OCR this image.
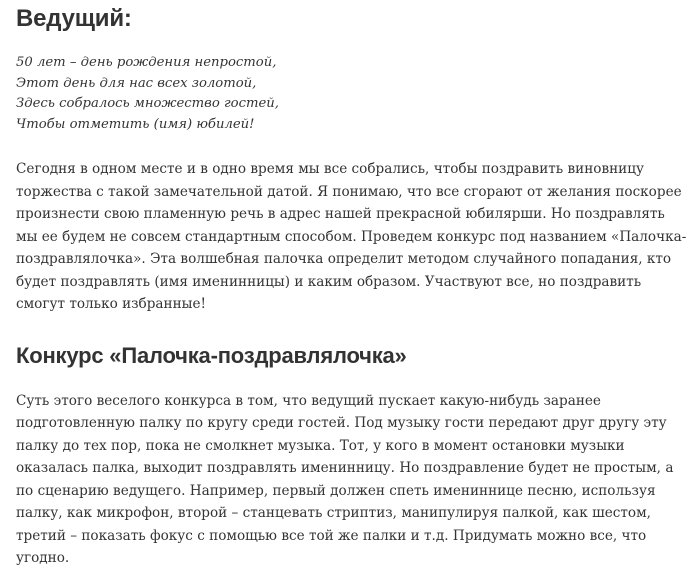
Ведущий:
50 лет – день рождения непростой,
Этот день для нас всех золотой,
Здесь собралось множество гостей,
Чтобы отметить (имя) юбилей!

Сегодня в одном месте и в одно время мы все собрались, чтобы поздравить виновницу торжества с такой замечательной датой. Я понимаю, что все сгорают от желания поскорее произнести свою пламенную речь в адрес нашей прекрасной юбилярши. Но поздравлять мы ее будем не совсем стандартным способом. Проведем конкурс под названием «Палочка-поздравлялочка». Эта волшебная палочка определит методом случайного попадания, кто будет поздравлять (имя именинницы) и каким образом. Участвуют все, но поздравить смогут только избранные!

Конкурс «Палочка-поздравлялочка»

Суть этого веселого конкурса в том, что ведущий пускает какую-нибудь заранее подготовленную палку по кругу среди гостей. Под музыку гости передают друг другу эту палку до тех пор, пока не смолкнет музыка. Тот, у кого в момент остановки музыки оказалась палка, выходит поздравлять именинницу. Но поздравление будет не простым, а по сценарию ведущего. Например, первый должен спеть имениннице песню, используя палку, как микрофон, второй – станцевать стриптиз, манипулируя палкой, как шестом, третий – показать фокус с помощью все той же палки и т.д. Придумать можно все, что угодно.
